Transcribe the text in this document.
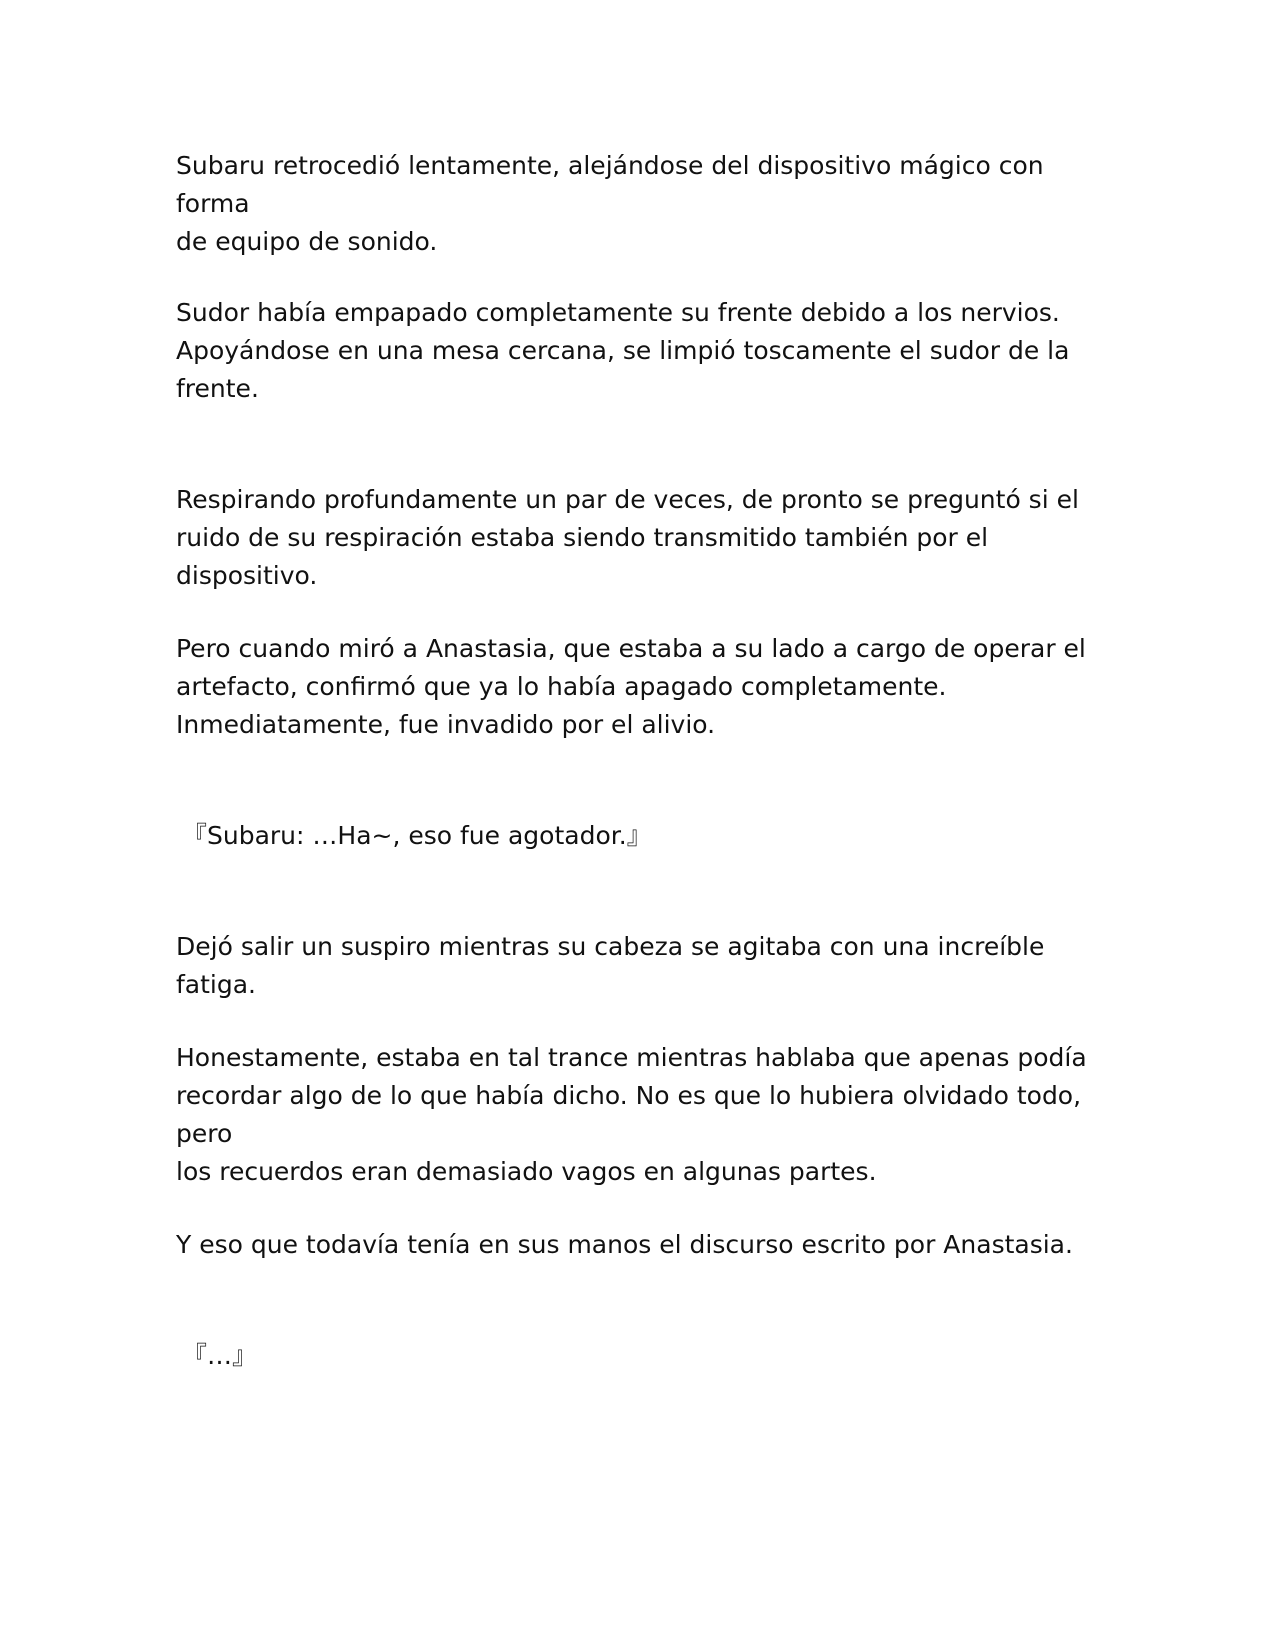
Subaru retrocedió lentamente, alejándose del dispositivo mágico con forma
de equipo de sonido.

Sudor había empapado completamente su frente debido a los nervios.
Apoyándose en una mesa cercana, se limpió toscamente el sudor de la
frente.

Respirando profundamente un par de veces, de pronto se preguntó si el
ruido de su respiración estaba siendo transmitido también por el dispositivo.

Pero cuando miró a Anastasia, que estaba a su lado a cargo de operar el
artefacto, confirmó que ya lo había apagado completamente.
Inmediatamente, fue invadido por el alivio.

『Subaru: …Ha~, eso fue agotador.』

Dejó salir un suspiro mientras su cabeza se agitaba con una increíble fatiga.

Honestamente, estaba en tal trance mientras hablaba que apenas podía
recordar algo de lo que había dicho. No es que lo hubiera olvidado todo, pero
los recuerdos eran demasiado vagos en algunas partes.

Y eso que todavía tenía en sus manos el discurso escrito por Anastasia.

『…』
